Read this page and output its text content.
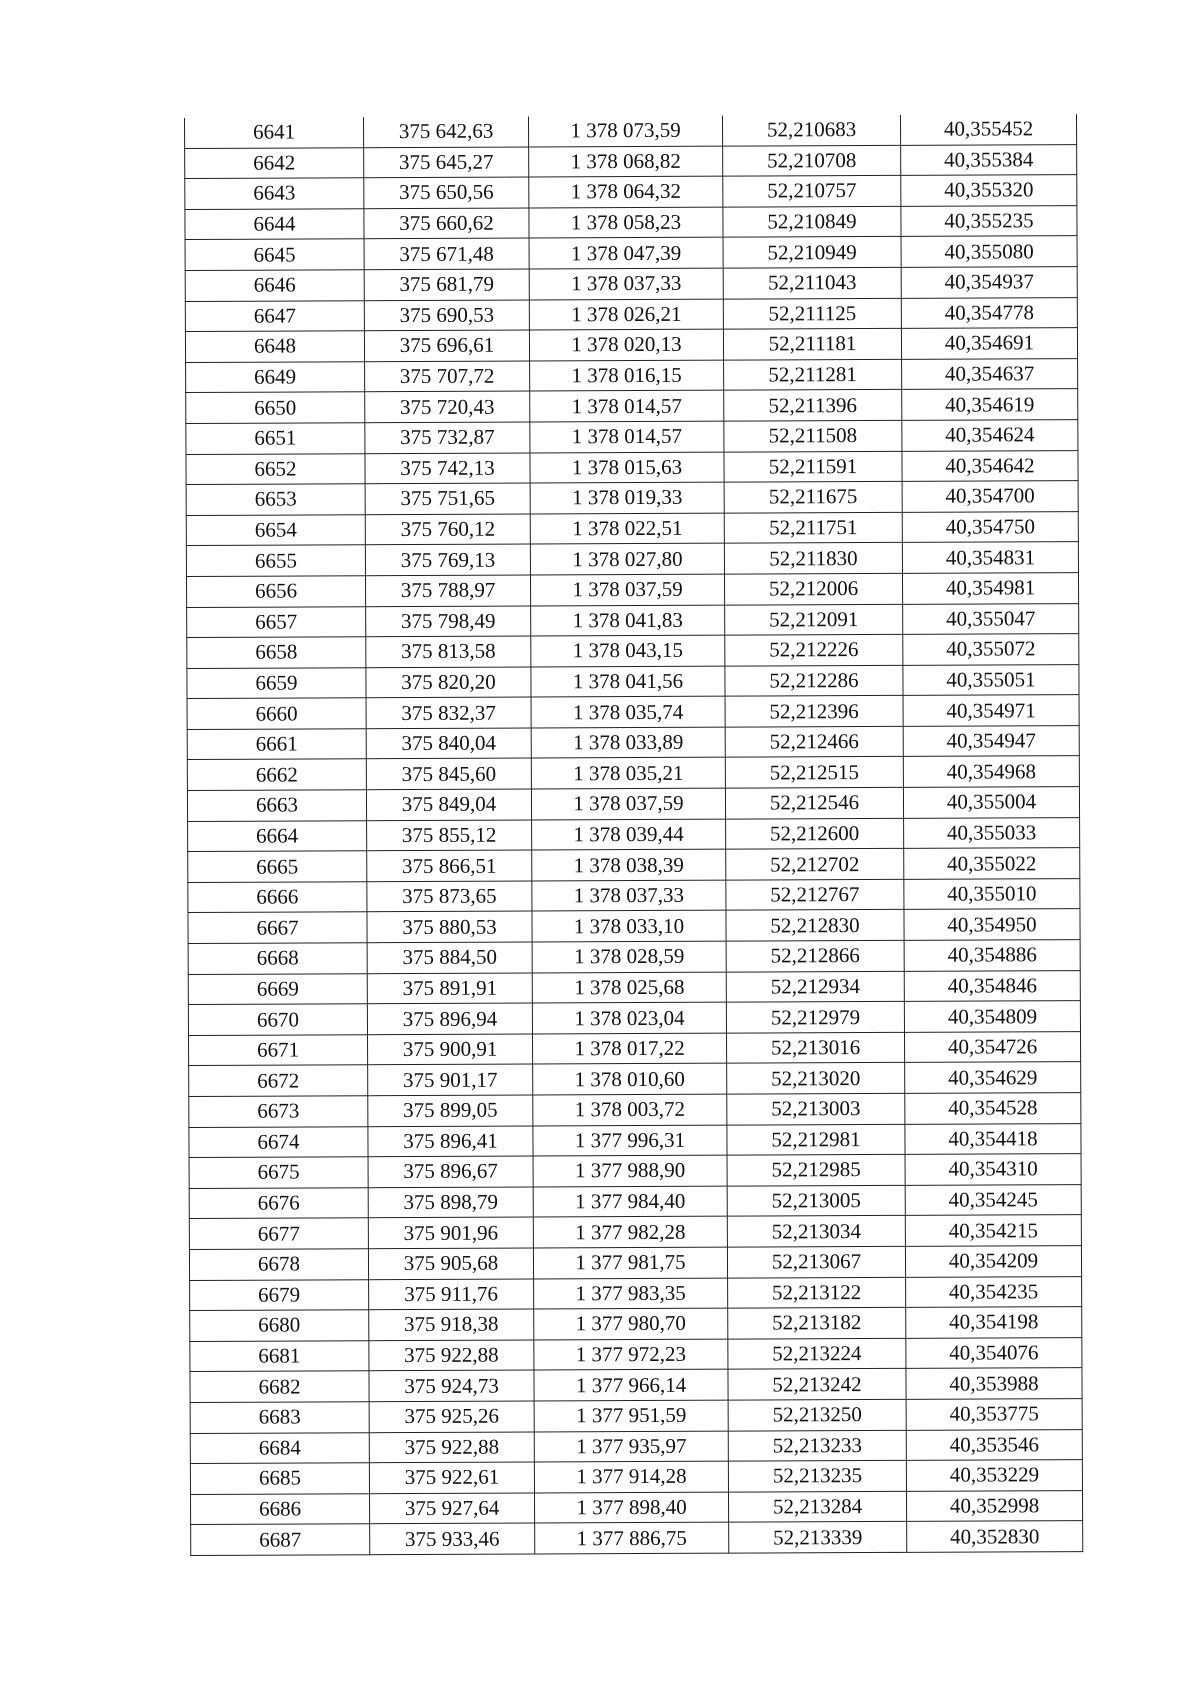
6641	375 642,63	1 378 073,59	52,210683	40,355452
6642	375 645,27	1 378 068,82	52,210708	40,355384
6643	375 650,56	1 378 064,32	52,210757	40,355320
6644	375 660,62	1 378 058,23	52,210849	40,355235
6645	375 671,48	1 378 047,39	52,210949	40,355080
6646	375 681,79	1 378 037,33	52,211043	40,354937
6647	375 690,53	1 378 026,21	52,211125	40,354778
6648	375 696,61	1 378 020,13	52,211181	40,354691
6649	375 707,72	1 378 016,15	52,211281	40,354637
6650	375 720,43	1 378 014,57	52,211396	40,354619
6651	375 732,87	1 378 014,57	52,211508	40,354624
6652	375 742,13	1 378 015,63	52,211591	40,354642
6653	375 751,65	1 378 019,33	52,211675	40,354700
6654	375 760,12	1 378 022,51	52,211751	40,354750
6655	375 769,13	1 378 027,80	52,211830	40,354831
6656	375 788,97	1 378 037,59	52,212006	40,354981
6657	375 798,49	1 378 041,83	52,212091	40,355047
6658	375 813,58	1 378 043,15	52,212226	40,355072
6659	375 820,20	1 378 041,56	52,212286	40,355051
6660	375 832,37	1 378 035,74	52,212396	40,354971
6661	375 840,04	1 378 033,89	52,212466	40,354947
6662	375 845,60	1 378 035,21	52,212515	40,354968
6663	375 849,04	1 378 037,59	52,212546	40,355004
6664	375 855,12	1 378 039,44	52,212600	40,355033
6665	375 866,51	1 378 038,39	52,212702	40,355022
6666	375 873,65	1 378 037,33	52,212767	40,355010
6667	375 880,53	1 378 033,10	52,212830	40,354950
6668	375 884,50	1 378 028,59	52,212866	40,354886
6669	375 891,91	1 378 025,68	52,212934	40,354846
6670	375 896,94	1 378 023,04	52,212979	40,354809
6671	375 900,91	1 378 017,22	52,213016	40,354726
6672	375 901,17	1 378 010,60	52,213020	40,354629
6673	375 899,05	1 378 003,72	52,213003	40,354528
6674	375 896,41	1 377 996,31	52,212981	40,354418
6675	375 896,67	1 377 988,90	52,212985	40,354310
6676	375 898,79	1 377 984,40	52,213005	40,354245
6677	375 901,96	1 377 982,28	52,213034	40,354215
6678	375 905,68	1 377 981,75	52,213067	40,354209
6679	375 911,76	1 377 983,35	52,213122	40,354235
6680	375 918,38	1 377 980,70	52,213182	40,354198
6681	375 922,88	1 377 972,23	52,213224	40,354076
6682	375 924,73	1 377 966,14	52,213242	40,353988
6683	375 925,26	1 377 951,59	52,213250	40,353775
6684	375 922,88	1 377 935,97	52,213233	40,353546
6685	375 922,61	1 377 914,28	52,213235	40,353229
6686	375 927,64	1 377 898,40	52,213284	40,352998
6687	375 933,46	1 377 886,75	52,213339	40,352830
